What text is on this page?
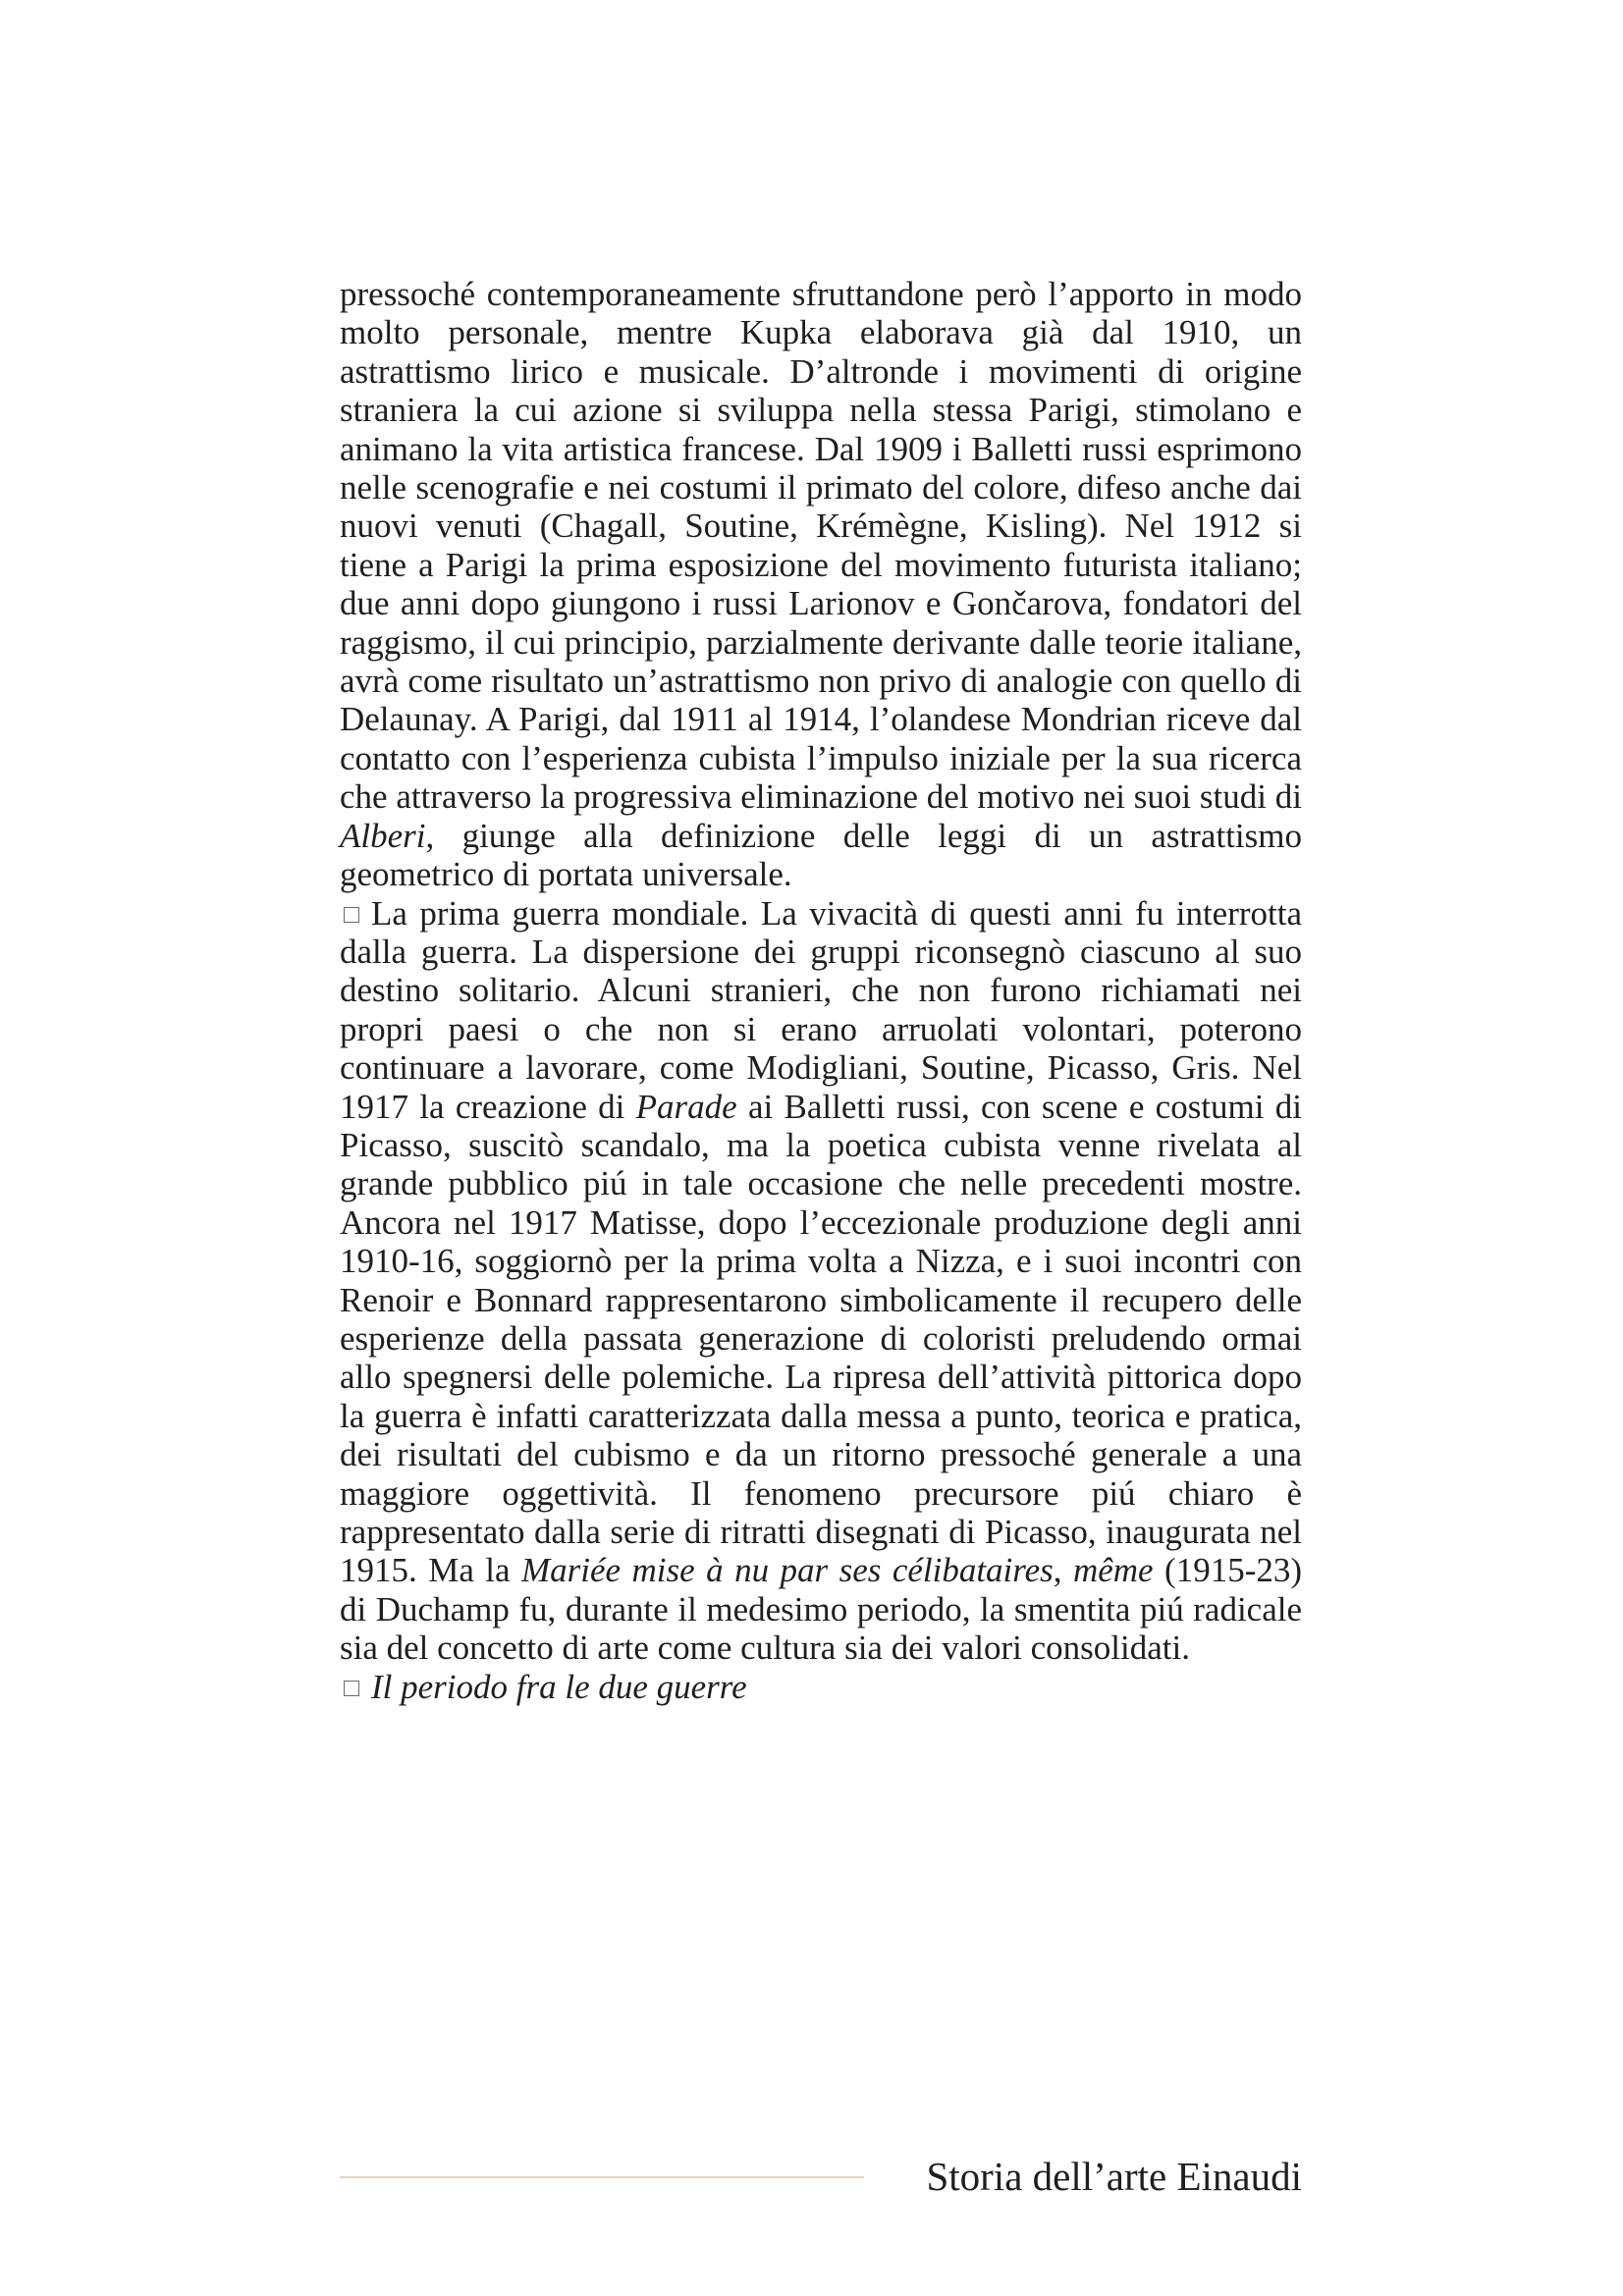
pressoché contemporaneamente sfruttandone però l’apporto in modo molto personale, mentre Kupka elaborava già dal 1910, un astrattismo lirico e musicale. D’altronde i movimenti di origine straniera la cui azione si sviluppa nella stessa Parigi, stimolano e animano la vita artistica francese. Dal 1909 i Balletti russi esprimono nelle scenografie e nei costumi il primato del colore, difeso anche dai nuovi venuti (Chagall, Soutine, Krémègne, Kisling). Nel 1912 si tiene a Parigi la prima esposizione del movimento futurista italiano; due anni dopo giungono i russi Larionov e Gončarova, fondatori del raggismo, il cui principio, parzialmente derivante dalle teorie italiane, avrà come risultato un’astrattismo non privo di analogie con quello di Delaunay. A Parigi, dal 1911 al 1914, l’olandese Mondrian riceve dal contatto con l’esperienza cubista l’impulso iniziale per la sua ricerca che attraverso la progressiva eliminazione del motivo nei suoi studi di Alberi, giunge alla definizione delle leggi di un astrattismo geometrico di portata universale.

La prima guerra mondiale. La vivacità di questi anni fu interrotta dalla guerra. La dispersione dei gruppi riconsegnò ciascuno al suo destino solitario. Alcuni stranieri, che non furono richiamati nei propri paesi o che non si erano arruolati volontari, poterono continuare a lavorare, come Modigliani, Soutine, Picasso, Gris. Nel 1917 la creazione di Parade ai Balletti russi, con scene e costumi di Picasso, suscitò scandalo, ma la poetica cubista venne rivelata al grande pubblico piú in tale occasione che nelle precedenti mostre. Ancora nel 1917 Matisse, dopo l’eccezionale produzione degli anni 1910-16, soggiornò per la prima volta a Nizza, e i suoi incontri con Renoir e Bonnard rappresentarono simbolicamente il recupero delle esperienze della passata generazione di coloristi preludendo ormai allo spegnersi delle polemiche. La ripresa dell’attività pittorica dopo la guerra è infatti caratterizzata dalla messa a punto, teorica e pratica, dei risultati del cubismo e da un ritorno pressoché generale a una maggiore oggettività. Il fenomeno precursore piú chiaro è rappresentato dalla serie di ritratti disegnati di Picasso, inaugurata nel 1915. Ma la Mariée mise à nu par ses célibataires, même (1915-23) di Duchamp fu, durante il medesimo periodo, la smentita piú radicale sia del concetto di arte come cultura sia dei valori consolidati.

Il periodo fra le due guerre

Storia dell’arte Einaudi
